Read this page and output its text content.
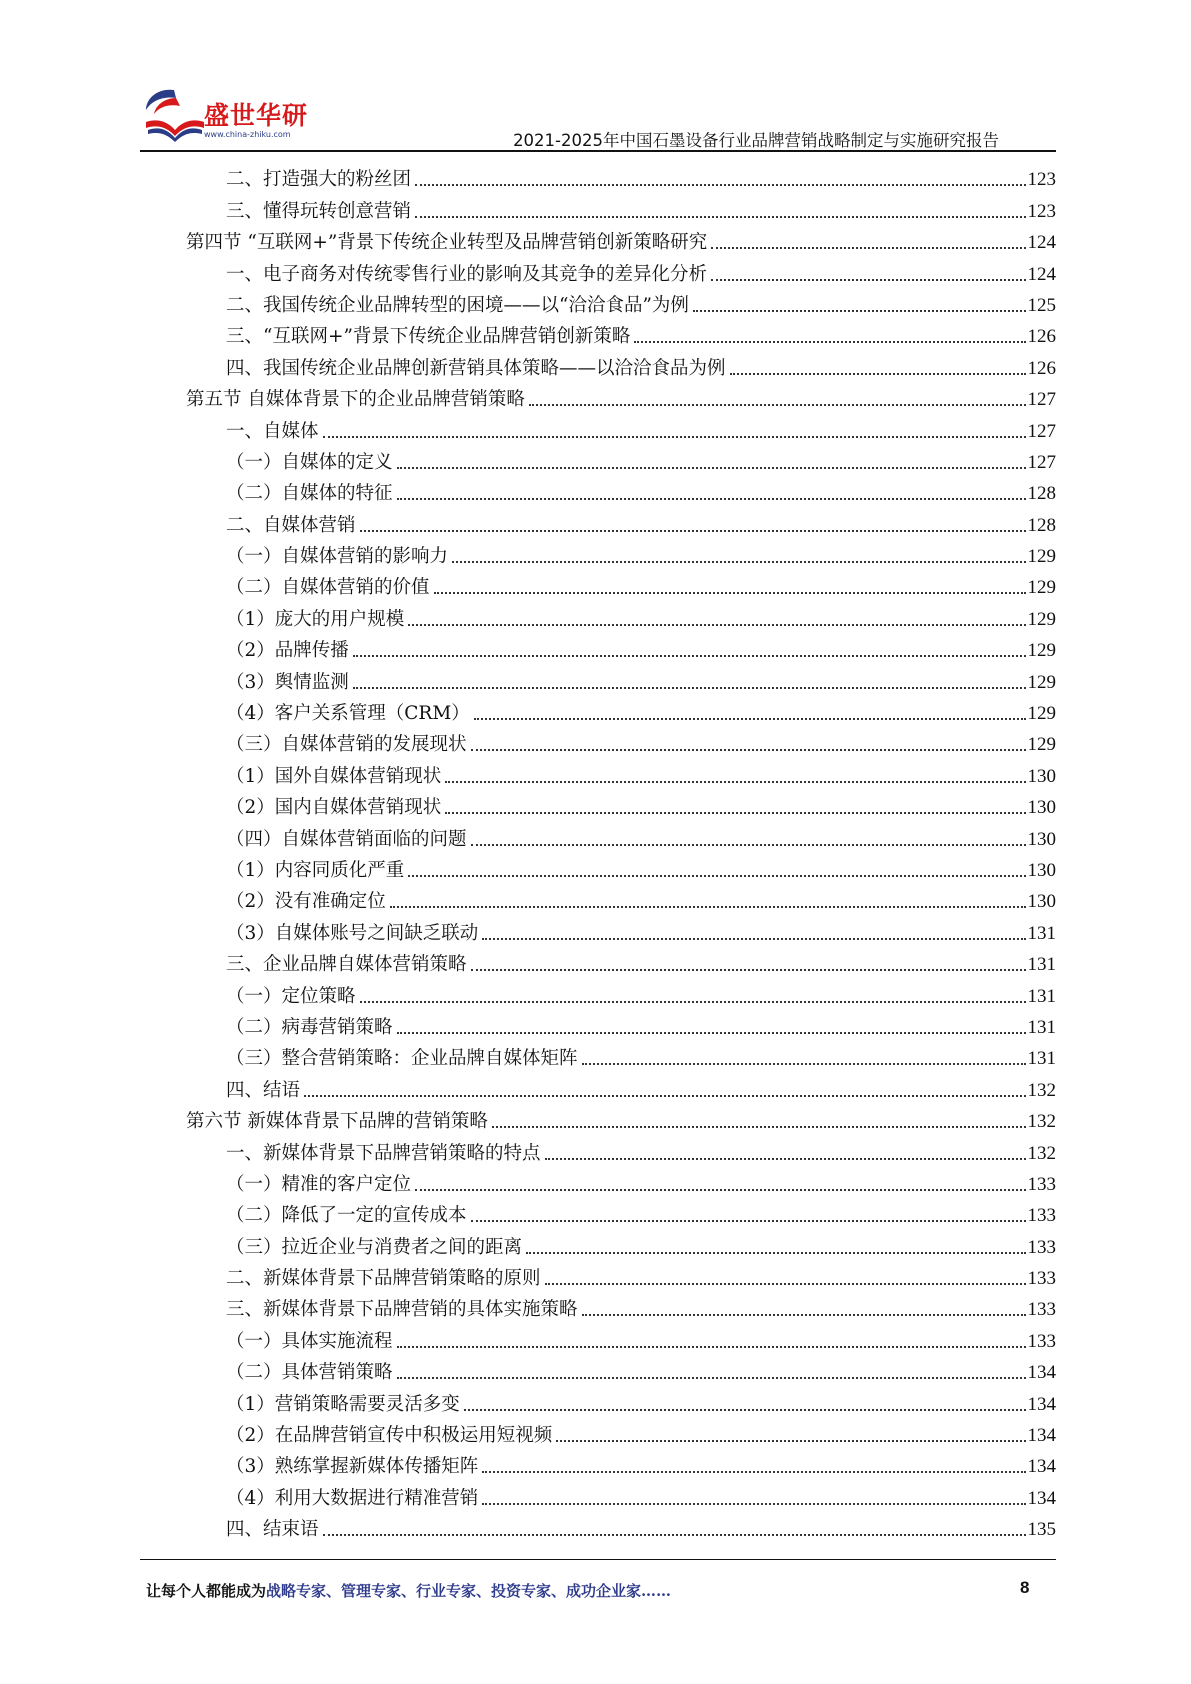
盛世华研
www.china-zhiku.com	2021-2025年中国石墨设备行业品牌营销战略制定与实施研究报告
二、打造强大的粉丝团	123
三、懂得玩转创意营销	123
第四节 “互联网+”背景下传统企业转型及品牌营销创新策略研究	124
一、电子商务对传统零售行业的影响及其竞争的差异化分析	124
二、我国传统企业品牌转型的困境——以“洽洽食品”为例	125
三、“互联网+”背景下传统企业品牌营销创新策略	126
四、我国传统企业品牌创新营销具体策略——以洽洽食品为例	126
第五节 自媒体背景下的企业品牌营销策略	127
一、自媒体	127
（一）自媒体的定义	127
（二）自媒体的特征	128
二、自媒体营销	128
（一）自媒体营销的影响力	129
（二）自媒体营销的价值	129
（1）庞大的用户规模	129
（2）品牌传播	129
（3）舆情监测	129
（4）客户关系管理（CRM）	129
（三）自媒体营销的发展现状	129
（1）国外自媒体营销现状	130
（2）国内自媒体营销现状	130
（四）自媒体营销面临的问题	130
（1）内容同质化严重	130
（2）没有准确定位	130
（3）自媒体账号之间缺乏联动	131
三、企业品牌自媒体营销策略	131
（一）定位策略	131
（二）病毒营销策略	131
（三）整合营销策略：企业品牌自媒体矩阵	131
四、结语	132
第六节 新媒体背景下品牌的营销策略	132
一、新媒体背景下品牌营销策略的特点	132
（一）精准的客户定位	133
（二）降低了一定的宣传成本	133
（三）拉近企业与消费者之间的距离	133
二、新媒体背景下品牌营销策略的原则	133
三、新媒体背景下品牌营销的具体实施策略	133
（一）具体实施流程	133
（二）具体营销策略	134
（1）营销策略需要灵活多变	134
（2）在品牌营销宣传中积极运用短视频	134
（3）熟练掌握新媒体传播矩阵	134
（4）利用大数据进行精准营销	134
四、结束语	135
让每个人都能成为战略专家、管理专家、行业专家、投资专家、成功企业家……	8
